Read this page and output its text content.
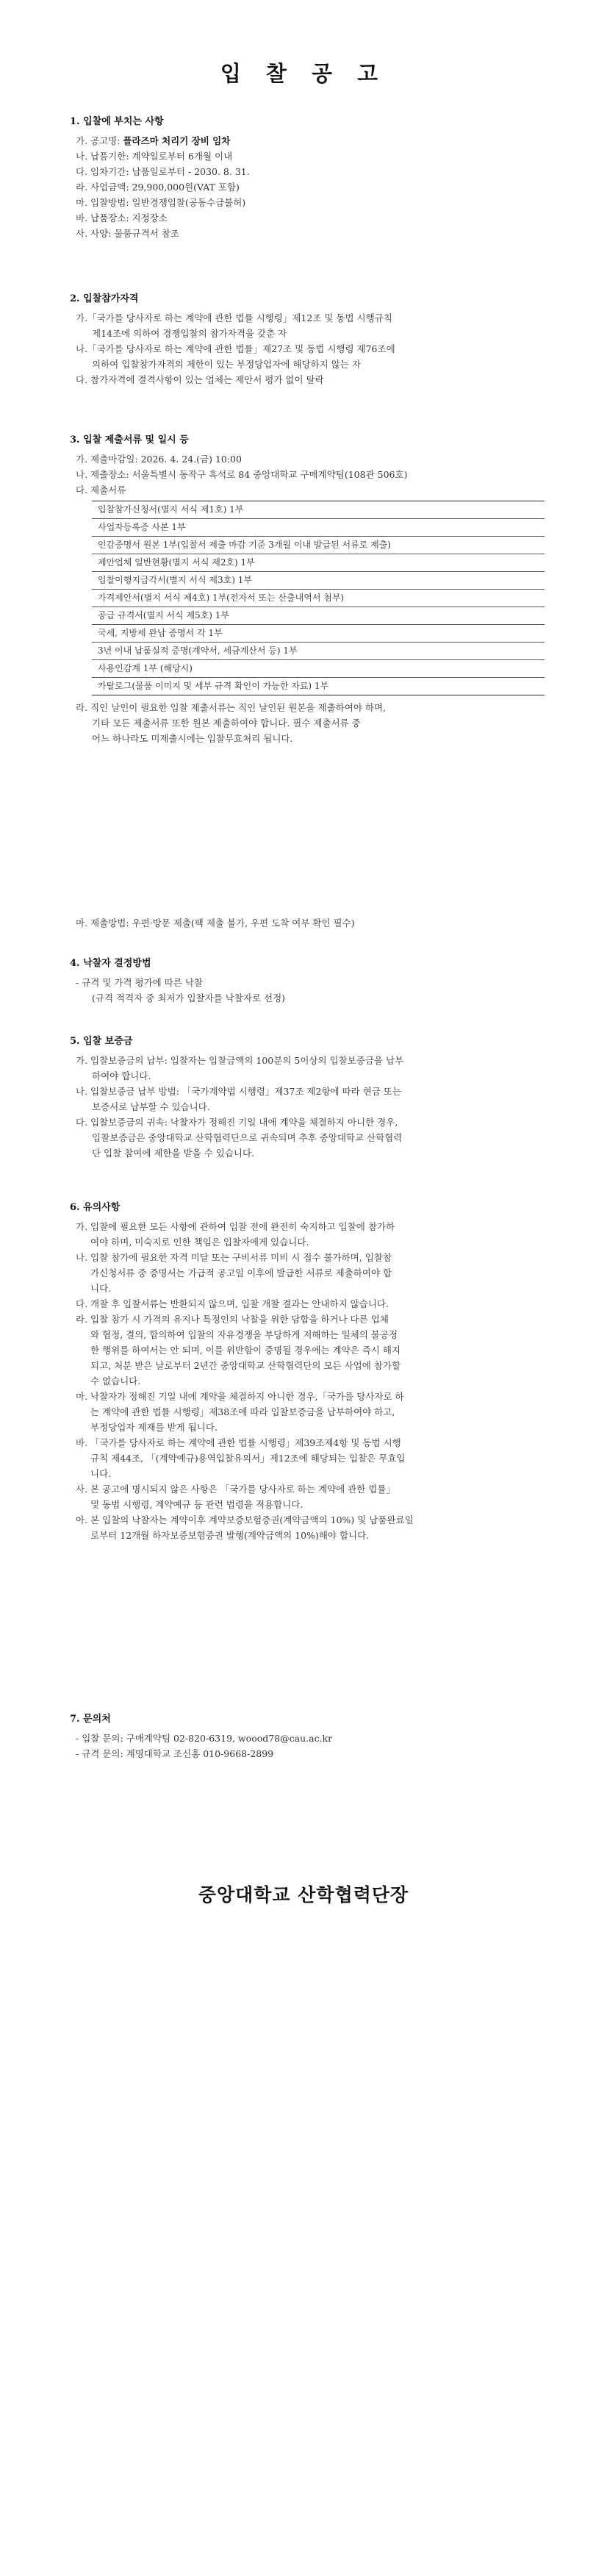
입 찰 공 고
1. 입찰에 부치는 사항
가. 공고명: 플라즈마 처리기 장비 임차
나. 납품기한: 계약일로부터 6개월 이내
다. 임차기간: 납품일로부터 - 2030. 8. 31.
라. 사업금액: 29,900,000원(VAT 포함)
마. 입찰방법: 일반경쟁입찰(공동수급불허)
바. 납품장소: 지정장소
사. 사양: 물품규격서 참조
2. 입찰참가자격
가.「국가를 당사자로 하는 계약에 관한 법률 시행령」제12조 및 동법 시행규칙
제14조에 의하여 경쟁입찰의 참가자격을 갖춘 자
나.「국가를 당사자로 하는 계약에 관한 법률」제27조 및 동법 시행령 제76조에
의하여 입찰참가자격의 제한이 있는 부정당업자에 해당하지 않는 자
다. 참가자격에 결격사항이 있는 업체는 제안서 평가 없이 탈락
3. 입찰 제출서류 및 일시 등
가. 제출마감일: 2026. 4. 24.(금) 10:00
나. 제출장소: 서울특별시 동작구 흑석로 84 중앙대학교 구매계약팀(108관 506호)
다. 제출서류
입찰참가신청서(별지 서식 제1호) 1부
사업자등록증 사본 1부
인감증명서 원본 1부(입찰서 제출 마감 기준 3개월 이내 발급된 서류로 제출)
제안업체 일반현황(별지 서식 제2호) 1부
입찰이행지급각서(별지 서식 제3호) 1부
가격제안서(별지 서식 제4호) 1부(전자서 또는 산출내역서 첨부)
공급 규격서(별지 서식 제5호) 1부
국세, 지방세 완납 증명서 각 1부
3년 이내 납품실적 증명(계약서, 세금계산서 등) 1부
사용인감계 1부 (해당시)
카탈로그(물품 이미지 및 세부 규격 확인이 가능한 자료) 1부
라. 직인 날인이 필요한 입찰 제출서류는 직인 날인된 원본을 제출하여야 하며,
기타 모든 제출서류 또한 원본 제출하여야 합니다. 필수 제출서류 중
어느 하나라도 미제출시에는 입찰무효처리 됩니다.
마. 제출방법: 우편·방문 제출(팩 제출 불가, 우편 도착 여부 확인 필수)
4. 낙찰자 결정방법
- 규격 및 가격 평가에 따른 낙찰
(규격 적격자 중 최저가 입찰자를 낙찰자로 선정)
5. 입찰 보증금
가. 입찰보증금의 납부: 입찰자는 입찰금액의 100분의 5이상의 입찰보증금을 납부
하여야 합니다.
나. 입찰보증금 납부 방법: 「국가계약법 시행령」제37조 제2항에 따라 현금 또는
보증서로 납부할 수 있습니다.
다. 입찰보증금의 귀속: 낙찰자가 정해진 기일 내에 계약을 체결하지 아니한 경우,
입찰보증금은 중앙대학교 산학협력단으로 귀속되며 추후 중앙대학교 산학협력
단 입찰 참여에 제한을 받을 수 있습니다.
6. 유의사항
가. 입찰에 필요한 모든 사항에 관하여 입찰 전에 완전히 숙지하고 입찰에 참가하
여야 하며, 미숙지로 인한 책임은 입찰자에게 있습니다.
나. 입찰 참가에 필요한 자격 미달 또는 구비서류 미비 시 접수 불가하며, 입찰참
가신청서류 중 증명서는 가급적 공고일 이후에 발급한 서류로 제출하여야 합
니다.
다. 개찰 후 입찰서류는 반환되지 않으며, 입찰 개찰 결과는 안내하지 않습니다.
라. 입찰 참가 시 가격의 유지나 특정인의 낙찰을 위한 담합을 하거나 다른 업체
와 협정, 결의, 합의하여 입찰의 자유경쟁을 부당하게 저해하는 일체의 불공정
한 행위를 하여서는 안 되며, 이를 위반함이 증명될 경우에는 계약은 즉시 해지
되고, 처분 받은 날로부터 2년간 중앙대학교 산학협력단의 모든 사업에 참가할
수 없습니다.
마. 낙찰자가 정해진 기일 내에 계약을 체결하지 아니한 경우,「국가를 당사자로 하
는 계약에 관한 법률 시행령」제38조에 따라 입찰보증금을 납부하여야 하고,
부정당업자 제재를 받게 됩니다.
바. 「국가를 당사자로 하는 계약에 관한 법률 시행령」제39조제4항 및 동법 시행
규칙 제44조, 「(계약예규)용역입찰유의서」제12조에 해당되는 입찰은 무효입
니다.
사. 본 공고에 명시되지 않은 사항은 「국가를 당사자로 하는 계약에 관한 법률」
및 동법 시행령, 계약예규 등 관련 법령을 적용합니다.
아. 본 입찰의 낙찰자는 계약이후 계약보증보험증권(계약금액의 10%) 및 납품완료일
로부터 12개월 하자보증보험증권 발행(계약금액의 10%)해야 합니다.
7. 문의처
- 입찰 문의: 구매계약팀 02-820-6319, woood78@cau.ac.kr
- 규격 문의: 계명대학교 조신홍 010-9668-2899
중앙대학교 산학협력단장
